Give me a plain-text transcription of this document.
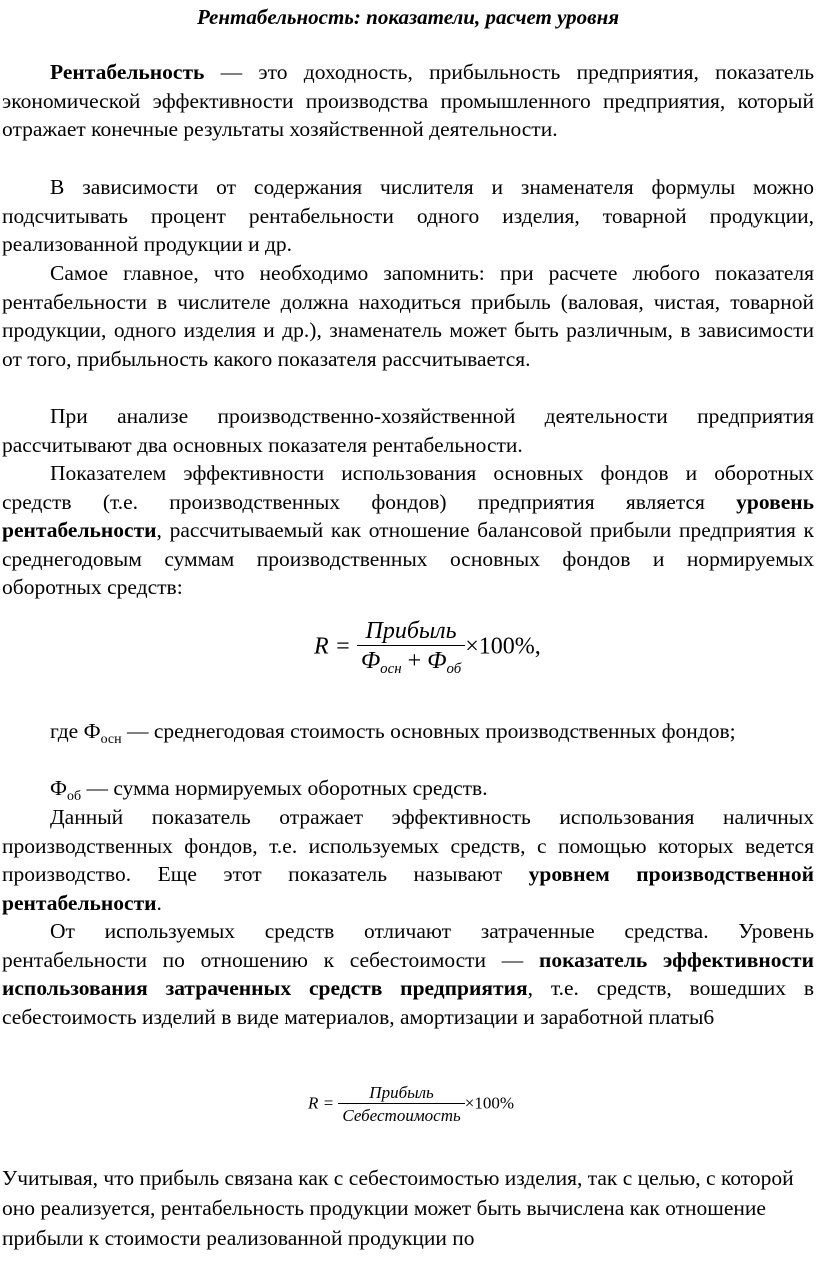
Рентабельность: показатели, расчет уровня

Рентабельность — это доходность, прибыльность предприятия, показатель экономической эффективности производства промышленного предприятия, который отражает конечные результаты хозяйственной деятельности.

В зависимости от содержания числителя и знаменателя формулы можно подсчитывать процент рентабельности одного изделия, товарной продукции, реализованной продукции и др.

Самое главное, что необходимо запомнить: при расчете любого показателя рентабельности в числителе должна находиться прибыль (валовая, чистая, товарной продукции, одного изделия и др.), знаменатель может быть различным, в зависимости от того, прибыльность какого показателя рассчитывается.

При анализе производственно-хозяйственной деятельности предприятия рассчитывают два основных показателя рентабельности.

Показателем эффективности использования основных фондов и оборотных средств (т.е. производственных фондов) предприятия является уровень рентабельности, рассчитываемый как отношение балансовой прибыли предприятия к среднегодовым суммам производственных основных фондов и нормируемых оборотных средств:

$R = \frac{\text{Прибыль}}{Ф_{осн} + Ф_{об}} \times 100\%$,

где $Ф_{осн}$ — среднегодовая стоимость основных производственных фондов;

$Ф_{об}$ — сумма нормируемых оборотных средств.

Данный показатель отражает эффективность использования наличных производственных фондов, т.е. используемых средств, с помощью которых ведется производство. Еще этот показатель называют уровнем производственной рентабельности.

От используемых средств отличают затраченные средства. Уровень рентабельности по отношению к себестоимости — показатель эффективности использования затраченных средств предприятия, т.е. средств, вошедших в себестоимость изделий в виде материалов, амортизации и заработной платы6

$R = \frac{\text{Прибыль}}{\text{Себестоимость}} \times 100\%$

Учитывая, что прибыль связана как с себестоимостью изделия, так с целью, с которой оно реализуется, рентабельность продукции может быть вычислена как отношение прибыли к стоимости реализованной продукции по
